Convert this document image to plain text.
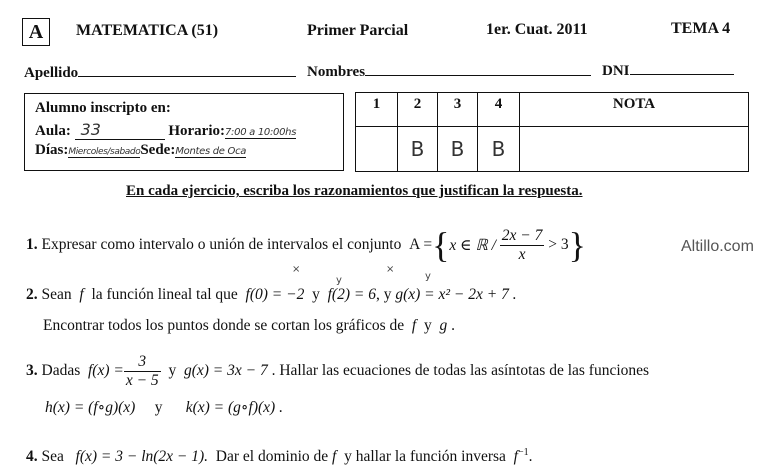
A	MATEMATICA (51)	Primer Parcial	1er. Cuat. 2011	TEMA 4
Apellido	Nombres	DNI
Alumno inscripto en:
Aula: 33	Horario:7:00 a 10:00hs
Días:Miercoles/sabadoSede:Montes de Oca
1	2	3	4	NOTA
	B	B	B	
En cada ejercicio, escriba los razonamientos que justifican la respuesta.
Altillo.com
1.
Expresar como intervalo o unión de intervalos el conjunto
A = { x ∈ ℝ /
$\frac{2x - 7}{x}$
> 3 }
×
y
×
y
2. Sean f la función lineal tal que f(0) = −2 y f(2) = 6, y g(x) = x² − 2x + 7 .
Encontrar todos los puntos donde se cortan los gráficos de f y g .
3.
Dadas
$f(x) = \frac{3}{x - 5}$
y
g(x) = 3x − 7
. Hallar las ecuaciones de todas las asíntotas de las funciones
h(x) = (f∘g)(x) y k(x) = (g∘f)(x) .
4. Sea f(x) = 3 − ln(2x − 1). Dar el dominio de f y hallar la función inversa $f^{-1}$.
